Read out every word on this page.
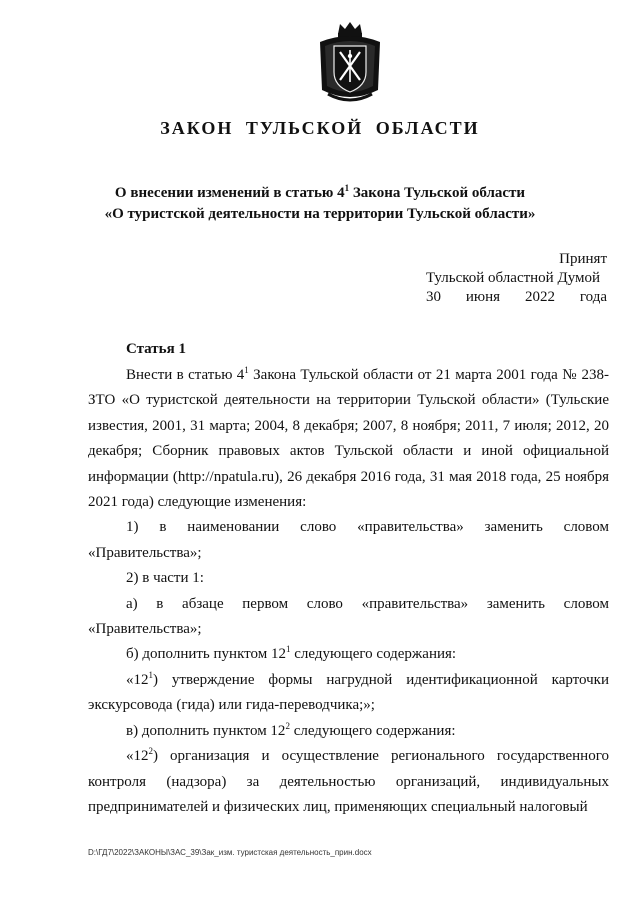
ЗАКОН ТУЛЬСКОЙ ОБЛАСТИ
О внесении изменений в статью $4^1$ Закона Тульской области
«О туристской деятельности на территории Тульской области»
Принят
Тульской областной Думой
30 июня 2022 года
Статья 1

Внести в статью $4^1$ Закона Тульской области от 21 марта 2001 года № 238-ЗТО «О туристской деятельности на территории Тульской области» (Тульские известия, 2001, 31 марта; 2004, 8 декабря; 2007, 8 ноября; 2011, 7 июля; 2012, 20 декабря; Сборник правовых актов Тульской области и иной официальной информации (http://npatula.ru), 26 декабря 2016 года, 31 мая 2018 года, 25 ноября 2021 года) следующие изменения:

1) в наименовании слово «правительства» заменить словом

«Правительства»;

2) в части 1:

а) в абзаце первом слово «правительства» заменить словом

«Правительства»;

б) дополнить пунктом $12^1$ следующего содержания:

«$12^1$) утверждение формы нагрудной идентификационной карточки экскурсовода (гида) или гида-переводчика;»;

в) дополнить пунктом $12^2$ следующего содержания:

«$12^2$) организация и осуществление регионального государственного контроля (надзора) за деятельностью организаций, индивидуальных предпринимателей и физических лиц, применяющих специальный налоговый

D:\ГД7\2022\ЗАКОНЫ\ЗАС_39\Зак_изм. туристская деятельность_прин.docx
